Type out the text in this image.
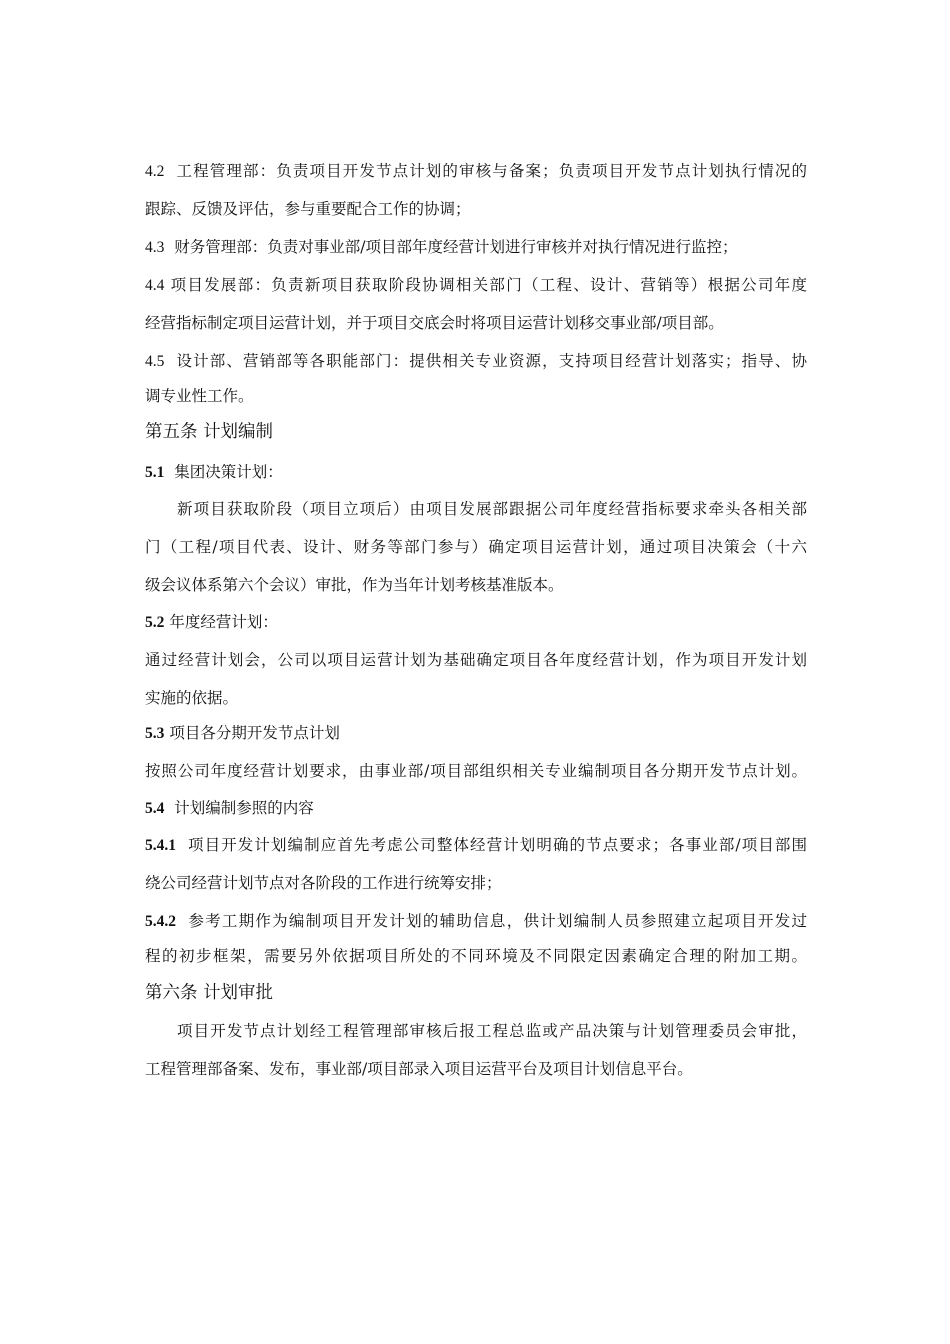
4.2 工程管理部：负责项目开发节点计划的审核与备案；负责项目开发节点计划执行情况的
跟踪、反馈及评估，参与重要配合工作的协调；
4.3 财务管理部：负责对事业部/项目部年度经营计划进行审核并对执行情况进行监控；
4.4 项目发展部：负责新项目获取阶段协调相关部门（工程、设计、营销等）根据公司年度
经营指标制定项目运营计划，并于项目交底会时将项目运营计划移交事业部/项目部。
4.5 设计部、营销部等各职能部门：提供相关专业资源，支持项目经营计划落实；指导、协
调专业性工作。
第五条 计划编制
5.1 集团决策计划：
新项目获取阶段（项目立项后）由项目发展部跟据公司年度经营指标要求牵头各相关部
门（工程/项目代表、设计、财务等部门参与）确定项目运营计划，通过项目决策会（十六
级会议体系第六个会议）审批，作为当年计划考核基准版本。
5.2 年度经营计划：
通过经营计划会，公司以项目运营计划为基础确定项目各年度经营计划，作为项目开发计划
实施的依据。
5.3 项目各分期开发节点计划
按照公司年度经营计划要求，由事业部/项目部组织相关专业编制项目各分期开发节点计划。
5.4 计划编制参照的内容
5.4.1 项目开发计划编制应首先考虑公司整体经营计划明确的节点要求；各事业部/项目部围
绕公司经营计划节点对各阶段的工作进行统筹安排；
5.4.2 参考工期作为编制项目开发计划的辅助信息，供计划编制人员参照建立起项目开发过
程的初步框架，需要另外依据项目所处的不同环境及不同限定因素确定合理的附加工期。
第六条 计划审批
项目开发节点计划经工程管理部审核后报工程总监或产品决策与计划管理委员会审批，
工程管理部备案、发布，事业部/项目部录入项目运营平台及项目计划信息平台。
